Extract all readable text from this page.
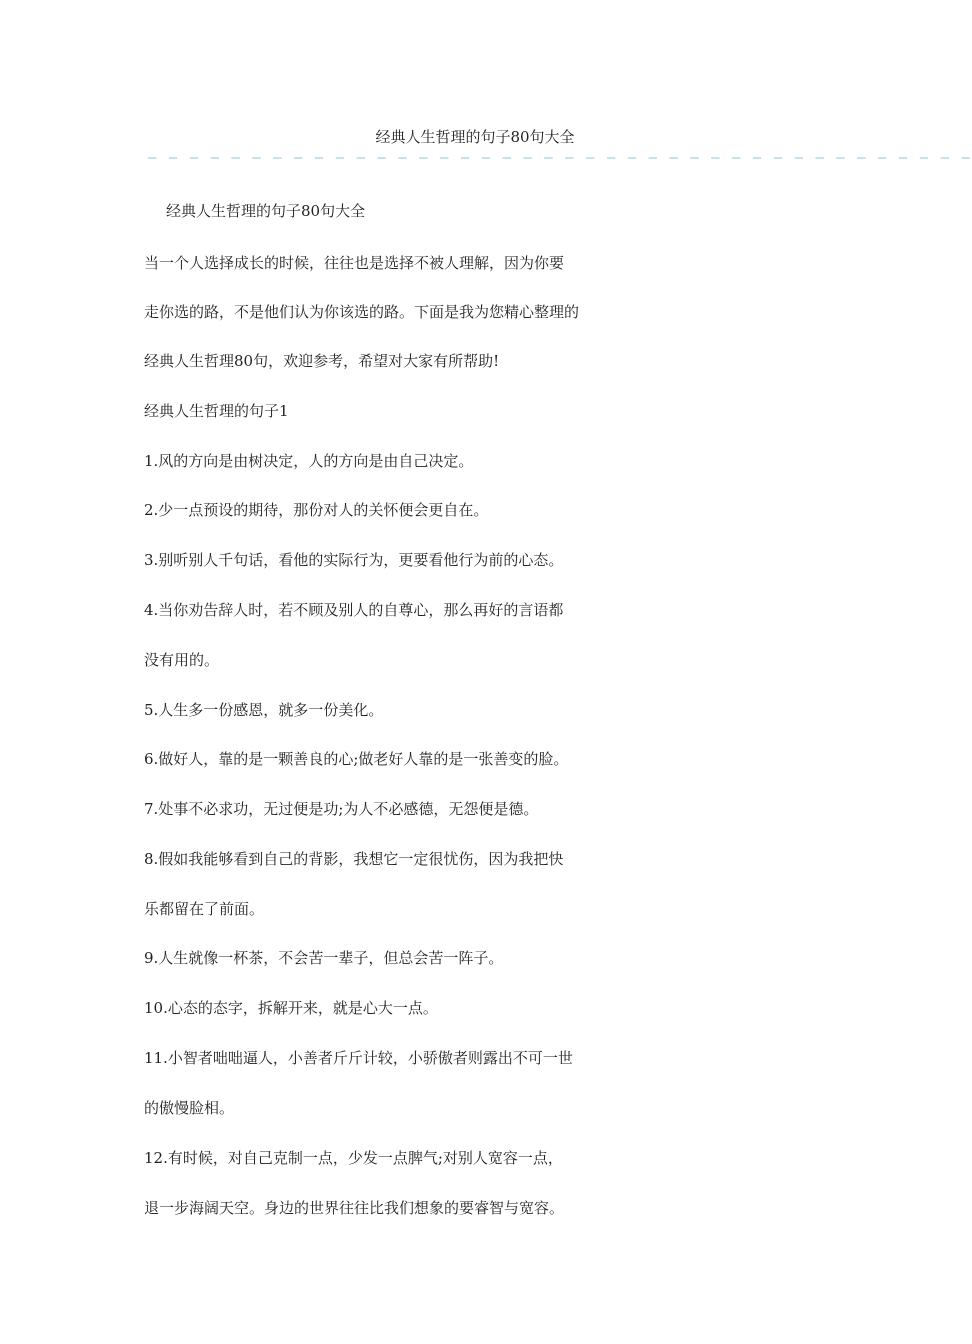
经典人生哲理的句子80句大全
— — — — — — — — — — — — — — — — — — — — — — — — — — — — — — — — — — — — — — — —
经典人生哲理的句子80句大全
当一个人选择成长的时候，往往也是选择不被人理解，因为你要
走你选的路，不是他们认为你该选的路。下面是我为您精心整理的
经典人生哲理80句，欢迎参考，希望对大家有所帮助!
经典人生哲理的句子1
1.风的方向是由树决定，人的方向是由自己决定。
2.少一点预设的期待，那份对人的关怀便会更自在。
3.别听别人千句话，看他的实际行为，更要看他行为前的心态。
4.当你劝告辞人时，若不顾及别人的自尊心，那么再好的言语都
没有用的。
5.人生多一份感恩，就多一份美化。
6.做好人，靠的是一颗善良的心;做老好人靠的是一张善变的脸。
7.处事不必求功，无过便是功;为人不必感德，无怨便是德。
8.假如我能够看到自己的背影，我想它一定很忧伤，因为我把快
乐都留在了前面。
9.人生就像一杯茶，不会苦一辈子，但总会苦一阵子。
10.心态的态字，拆解开来，就是心大一点。
11.小智者咄咄逼人，小善者斤斤计较，小骄傲者则露出不可一世
的傲慢脸相。
12.有时候，对自己克制一点，少发一点脾气;对别人宽容一点，
退一步海阔天空。身边的世界往往比我们想象的要睿智与宽容。
